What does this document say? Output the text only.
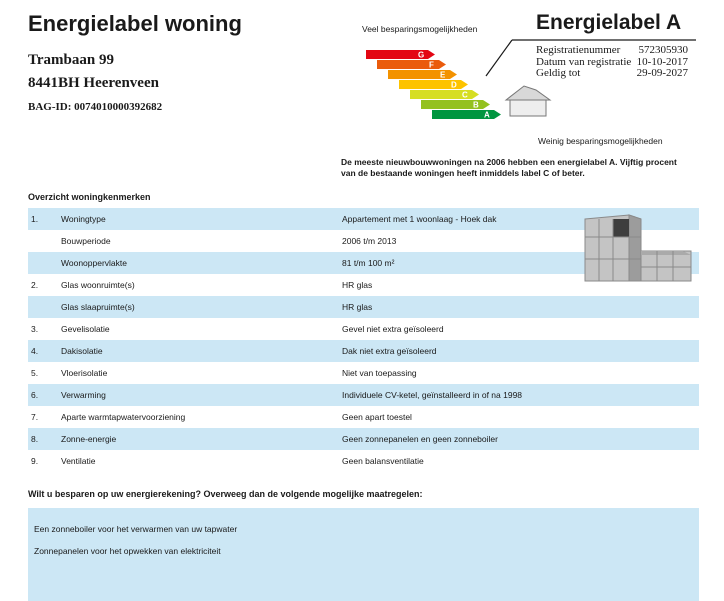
Energielabel woning
Trambaan 99
8441BH Heerenveen
BAG-ID: 0074010000392682
Veel besparingsmogelijkheden
G
F
E
D
C
B
A
Weinig besparingsmogelijkheden
Energielabel A
Registratienummer	572305930
Datum van registratie 10-10-2017
Geldig tot	29-09-2027
De meeste nieuwbouwwoningen na 2006 hebben een energielabel A. Vijftig procent van de bestaande woningen heeft inmiddels label C of beter.
Overzicht woningkenmerken
1.	Woningtype	Appartement met 1 woonlaag - Hoek dak
Bouwperiode	2006 t/m 2013
Woonoppervlakte	81 t/m 100 m²
2.	Glas woonruimte(s)	HR glas
Glas slaapruimte(s)	HR glas
3.	Gevelisolatie	Gevel niet extra geïsoleerd
4.	Dakisolatie	Dak niet extra geïsoleerd
5.	Vloerisolatie	Niet van toepassing
6.	Verwarming	Individuele CV-ketel, geïnstalleerd in of na 1998
7.	Aparte warmtapwatervoorziening	Geen apart toestel
8.	Zonne-energie	Geen zonnepanelen en geen zonneboiler
9.	Ventilatie	Geen balansventilatie
Wilt u besparen op uw energierekening? Overweeg dan de volgende mogelijke maatregelen:
Een zonneboiler voor het verwarmen van uw tapwater
Zonnepanelen voor het opwekken van elektriciteit
